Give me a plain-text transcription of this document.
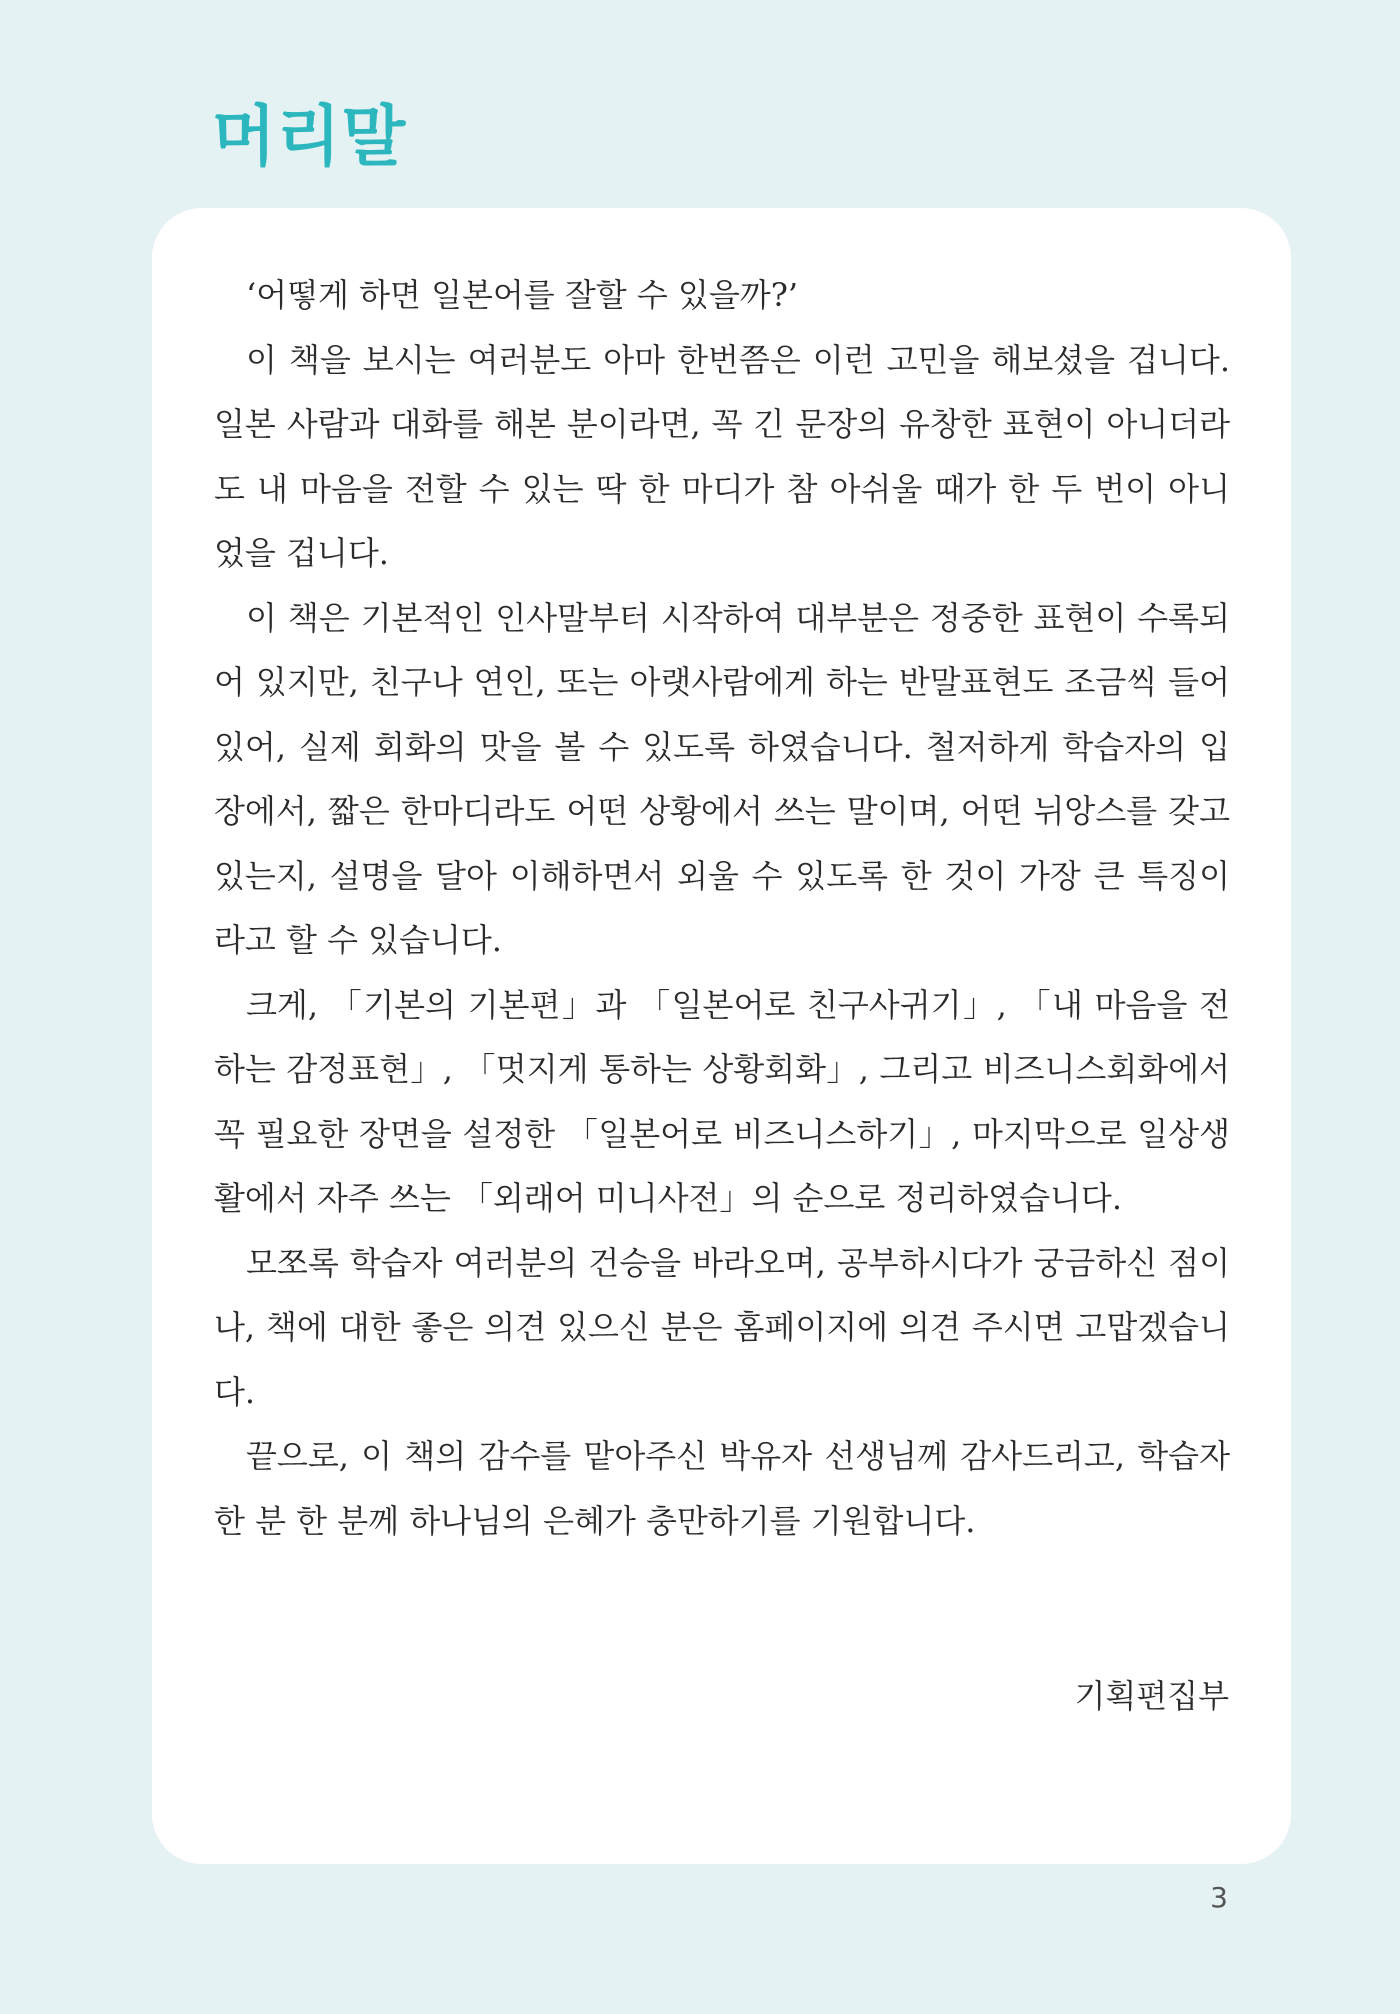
머리말

‘어떻게 하면 일본어를 잘할 수 있을까?’

이 책을 보시는 여러분도 아마 한번쯤은 이런 고민을 해보셨을 겁니다. 일본 사람과 대화를 해본 분이라면, 꼭 긴 문장의 유창한 표현이 아니더라도 내 마음을 전할 수 있는 딱 한 마디가 참 아쉬울 때가 한 두 번이 아니었을 겁니다.

이 책은 기본적인 인사말부터 시작하여 대부분은 정중한 표현이 수록되어 있지만, 친구나 연인, 또는 아랫사람에게 하는 반말표현도 조금씩 들어 있어, 실제 회화의 맛을 볼 수 있도록 하였습니다. 철저하게 학습자의 입장에서, 짧은 한마디라도 어떤 상황에서 쓰는 말이며, 어떤 뉘앙스를 갖고 있는지, 설명을 달아 이해하면서 외울 수 있도록 한 것이 가장 큰 특징이라고 할 수 있습니다.

크게, 「기본의 기본편」과 「일본어로 친구사귀기」, 「내 마음을 전하는 감정표현」, 「멋지게 통하는 상황회화」, 그리고 비즈니스회화에서 꼭 필요한 장면을 설정한 「일본어로 비즈니스하기」, 마지막으로 일상생활에서 자주 쓰는 「외래어 미니사전」의 순으로 정리하였습니다.

모쪼록 학습자 여러분의 건승을 바라오며, 공부하시다가 궁금하신 점이나, 책에 대한 좋은 의견 있으신 분은 홈페이지에 의견 주시면 고맙겠습니다.

끝으로, 이 책의 감수를 맡아주신 박유자 선생님께 감사드리고, 학습자 한 분 한 분께 하나님의 은혜가 충만하기를 기원합니다.

기획편집부

3
